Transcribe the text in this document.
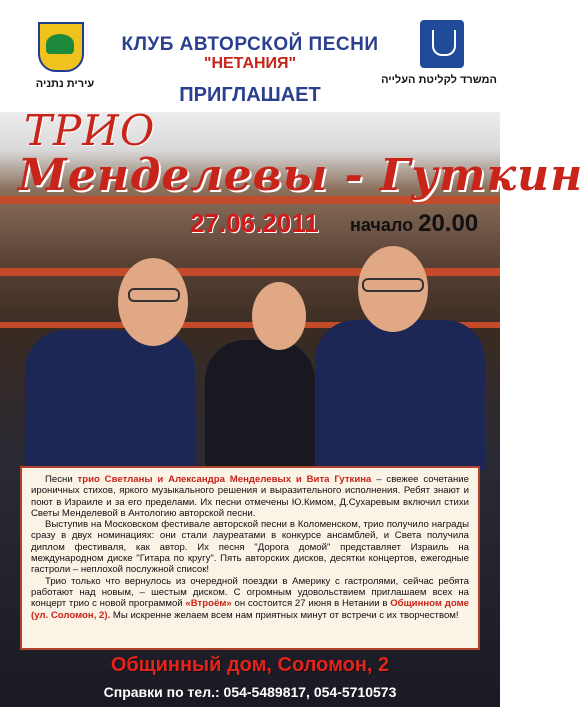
עירית נתניה	המשרד לקליטת העלייה
КЛУБ АВТОРСКОЙ ПЕСНИ
"НЕТАНИЯ"
ПРИГЛАШАЕТ
ТРИО
Менделевы - Гуткин
27.06.2011 начало 20.00

Песни трио Светланы и Александра Менделевых и Вита Гуткина – свежее сочетание ироничных стихов, яркого музыкального решения и выразительного исполнения. Ребят знают и поют в Израиле и за его пределами. Их песни отмечены Ю.Кимом, Д.Сухаревым включил стихи Светы Менделевой в Антологию авторской песни.

Выступив на Московском фестивале авторской песни в Коломенском, трио получило награды сразу в двух номинациях: они стали лауреатами в конкурсе ансамблей, и Света получила диплом фестиваля, как автор. Их песня "Дорога домой" представляет Израиль на международном диске "Гитара по кругу". Пять авторских дисков, десятки концертов, ежегодные гастроли – неплохой послужной список!

Трио только что вернулось из очередной поездки в Америку с гастролями, сейчас ребята работают над новым, – шестым диском. С огромным удовольствием приглашаем всех на концерт трио с новой программой «Втроём» он состоится 27 июня в Нетании в Общинном доме (ул. Соломон, 2). Мы искренне желаем всем нам приятных минут от встречи с их творчеством!

Общинный дом, Соломон, 2
Справки по тел.: 054-5489817, 054-5710573
